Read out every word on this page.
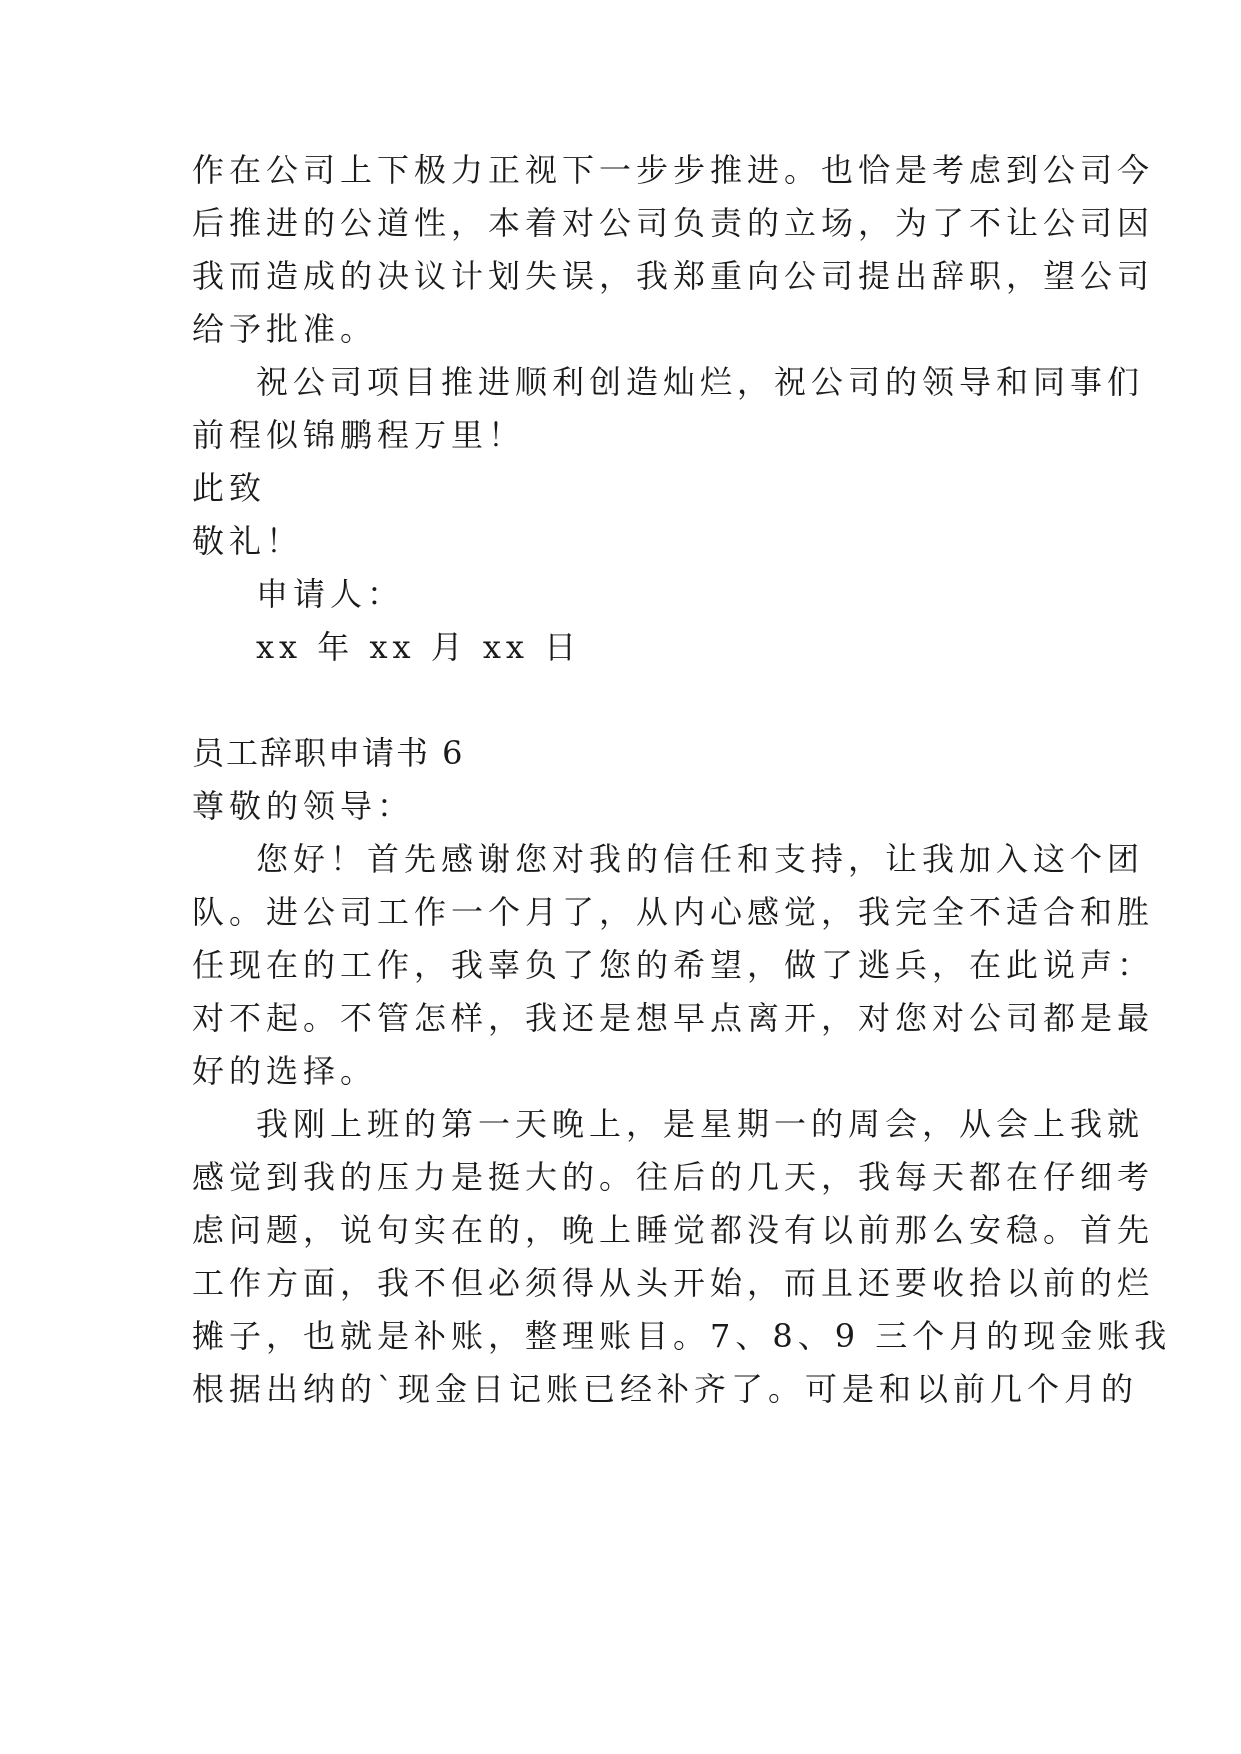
作在公司上下极力正视下一步步推进。也恰是考虑到公司今
后推进的公道性，本着对公司负责的立场，为了不让公司因
我而造成的决议计划失误，我郑重向公司提出辞职，望公司
给予批准。
祝公司项目推进顺利创造灿烂，祝公司的领导和同事们
前程似锦鹏程万里！
此致
敬礼！
申请人：
xx 年 xx 月 xx 日
员工辞职申请书 6
尊敬的领导：
您好！首先感谢您对我的信任和支持，让我加入这个团
队。进公司工作一个月了，从内心感觉，我完全不适合和胜
任现在的工作，我辜负了您的希望，做了逃兵，在此说声：
对不起。不管怎样，我还是想早点离开，对您对公司都是最
好的选择。
我刚上班的第一天晚上，是星期一的周会，从会上我就
感觉到我的压力是挺大的。往后的几天，我每天都在仔细考
虑问题，说句实在的，晚上睡觉都没有以前那么安稳。首先
工作方面，我不但必须得从头开始，而且还要收拾以前的烂
摊子，也就是补账，整理账目。7、8、9 三个月的现金账我
根据出纳的`现金日记账已经补齐了。可是和以前几个月的
